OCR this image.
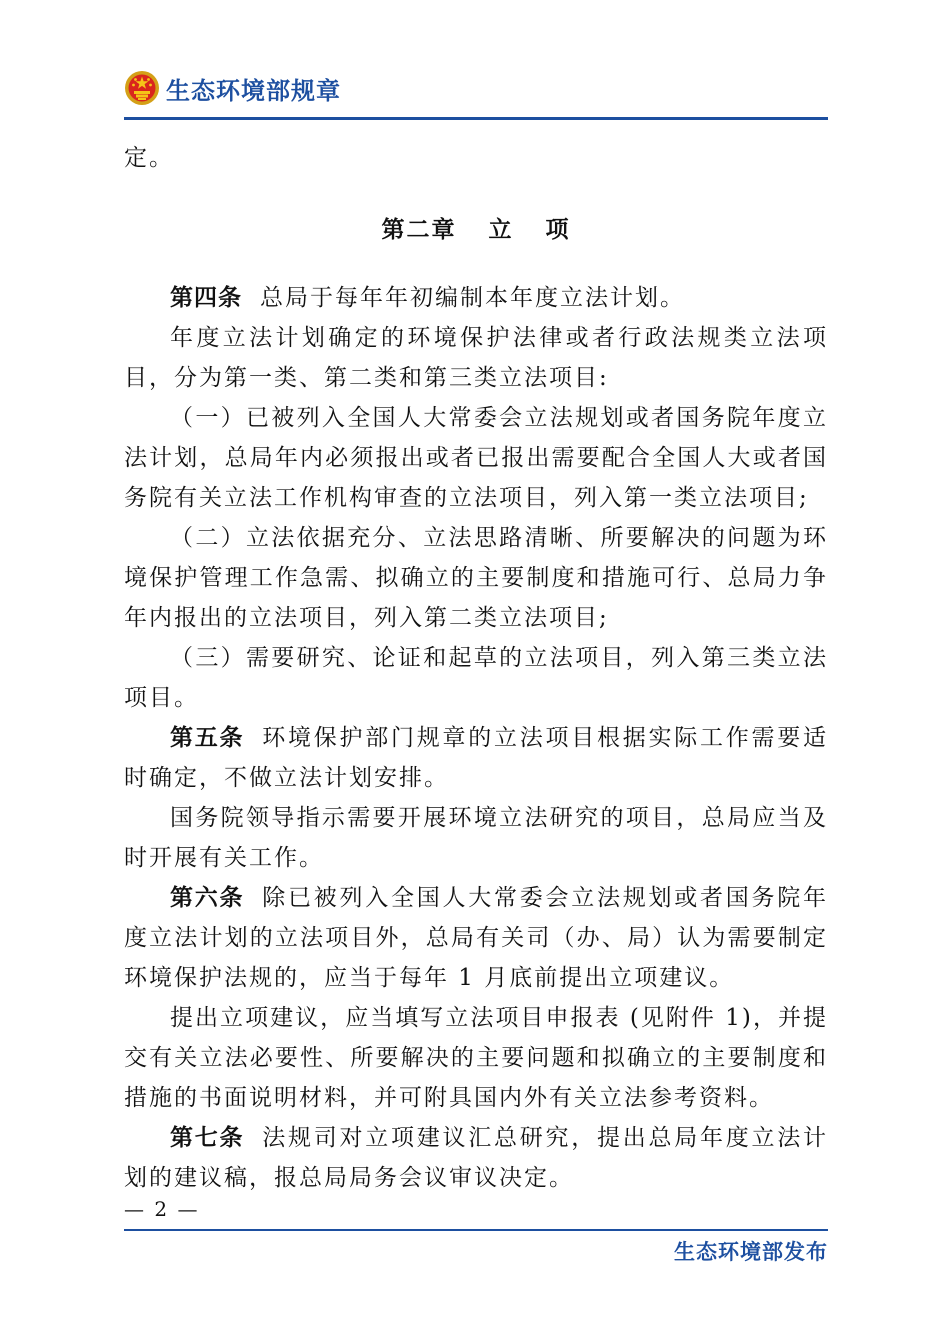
生态环境部规章

定。

第二章 立 项

第四条 总局于每年年初编制本年度立法计划。

年度立法计划确定的环境保护法律或者行政法规类立法项目，分为第一类、第二类和第三类立法项目:

（一）已被列入全国人大常委会立法规划或者国务院年度立法计划，总局年内必须报出或者已报出需要配合全国人大或者国务院有关立法工作机构审查的立法项目，列入第一类立法项目;

（二）立法依据充分、立法思路清晰、所要解决的问题为环境保护管理工作急需、拟确立的主要制度和措施可行、总局力争年内报出的立法项目，列入第二类立法项目;

（三）需要研究、论证和起草的立法项目，列入第三类立法项目。

第五条 环境保护部门规章的立法项目根据实际工作需要适时确定，不做立法计划安排。

国务院领导指示需要开展环境立法研究的项目，总局应当及时开展有关工作。

第六条 除已被列入全国人大常委会立法规划或者国务院年度立法计划的立法项目外，总局有关司（办、局）认为需要制定环境保护法规的，应当于每年 1 月底前提出立项建议。

提出立项建议，应当填写立法项目申报表 (见附件 1)，并提交有关立法必要性、所要解决的主要问题和拟确立的主要制度和措施的书面说明材料，并可附具国内外有关立法参考资料。

第七条 法规司对立项建议汇总研究，提出总局年度立法计划的建议稿，报总局局务会议审议决定。

— 2 —
生态环境部发布
